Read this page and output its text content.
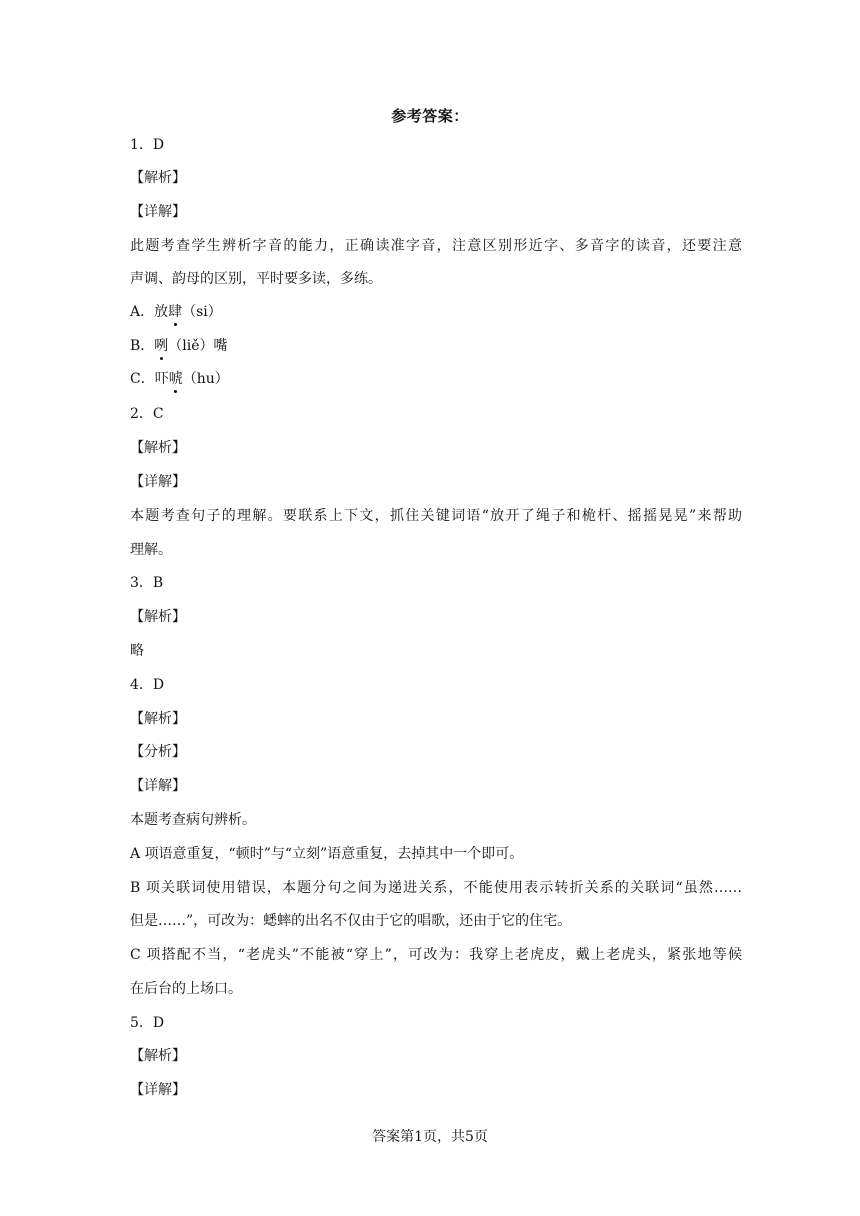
参考答案：
1．D
【解析】
【详解】
此题考查学生辨析字音的能力，正确读准字音，注意区别形近字、多音字的读音，还要注意
声调、韵母的区别，平时要多读，多练。
A．放肆（si）
B．咧（liě）嘴
C．吓唬（hu）
2．C
【解析】
【详解】
本题考查句子的理解。要联系上下文，抓住关键词语“放开了绳子和桅杆、摇摇晃晃”来帮助
理解。
3．B
【解析】
略
4．D
【解析】
【分析】
【详解】
本题考查病句辨析。
A 项语意重复，“顿时”与“立刻”语意重复，去掉其中一个即可。
B 项关联词使用错误，本题分句之间为递进关系，不能使用表示转折关系的关联词“虽然……
但是……”，可改为：蟋蟀的出名不仅由于它的唱歌，还由于它的住宅。
C 项搭配不当，“老虎头”不能被“穿上”，可改为：我穿上老虎皮，戴上老虎头，紧张地等候
在后台的上场口。
5．D
【解析】
【详解】
答案第1页，共5页
